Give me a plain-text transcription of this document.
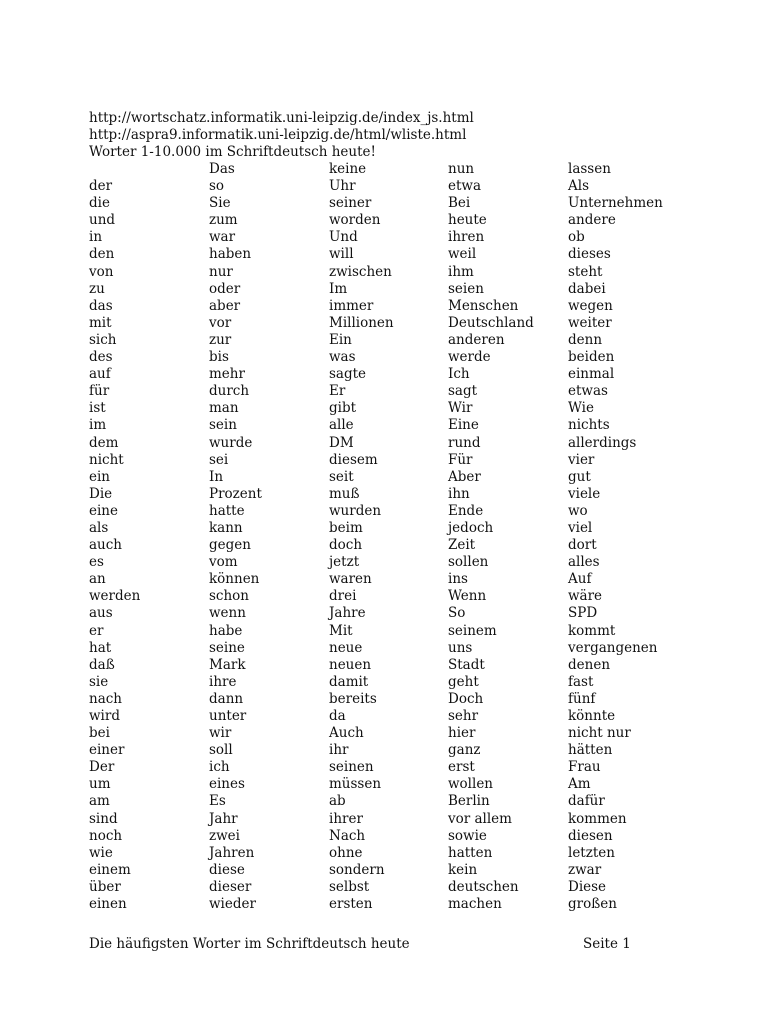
http://wortschatz.informatik.uni-leipzig.de/index_js.html
http://aspra9.informatik.uni-leipzig.de/html/wliste.html
Worter 1-10.000 im Schriftdeutsch heute!
der
die
und
in
den
von
zu
das
mit
sich
des
auf
für
ist
im
dem
nicht
ein
Die
eine
als
auch
es
an
werden
aus
er
hat
daß
sie
nach
wird
bei
einer
Der
um
am
sind
noch
wie
einem
über
einen
Das
so
Sie
zum
war
haben
nur
oder
aber
vor
zur
bis
mehr
durch
man
sein
wurde
sei
In
Prozent
hatte
kann
gegen
vom
können
schon
wenn
habe
seine
Mark
ihre
dann
unter
wir
soll
ich
eines
Es
Jahr
zwei
Jahren
diese
dieser
wieder
keine
Uhr
seiner
worden
Und
will
zwischen
Im
immer
Millionen
Ein
was
sagte
Er
gibt
alle
DM
diesem
seit
muß
wurden
beim
doch
jetzt
waren
drei
Jahre
Mit
neue
neuen
damit
bereits
da
Auch
ihr
seinen
müssen
ab
ihrer
Nach
ohne
sondern
selbst
ersten
nun
etwa
Bei
heute
ihren
weil
ihm
seien
Menschen
Deutschland
anderen
werde
Ich
sagt
Wir
Eine
rund
Für
Aber
ihn
Ende
jedoch
Zeit
sollen
ins
Wenn
So
seinem
uns
Stadt
geht
Doch
sehr
hier
ganz
erst
wollen
Berlin
vor allem
sowie
hatten
kein
deutschen
machen
lassen
Als
Unternehmen
andere
ob
dieses
steht
dabei
wegen
weiter
denn
beiden
einmal
etwas
Wie
nichts
allerdings
vier
gut
viele
wo
viel
dort
alles
Auf
wäre
SPD
kommt
vergangenen
denen
fast
fünf
könnte
nicht nur
hätten
Frau
Am
dafür
kommen
diesen
letzten
zwar
Diese
großen
Die häufigsten Worter im Schriftdeutsch heute	Seite 1
